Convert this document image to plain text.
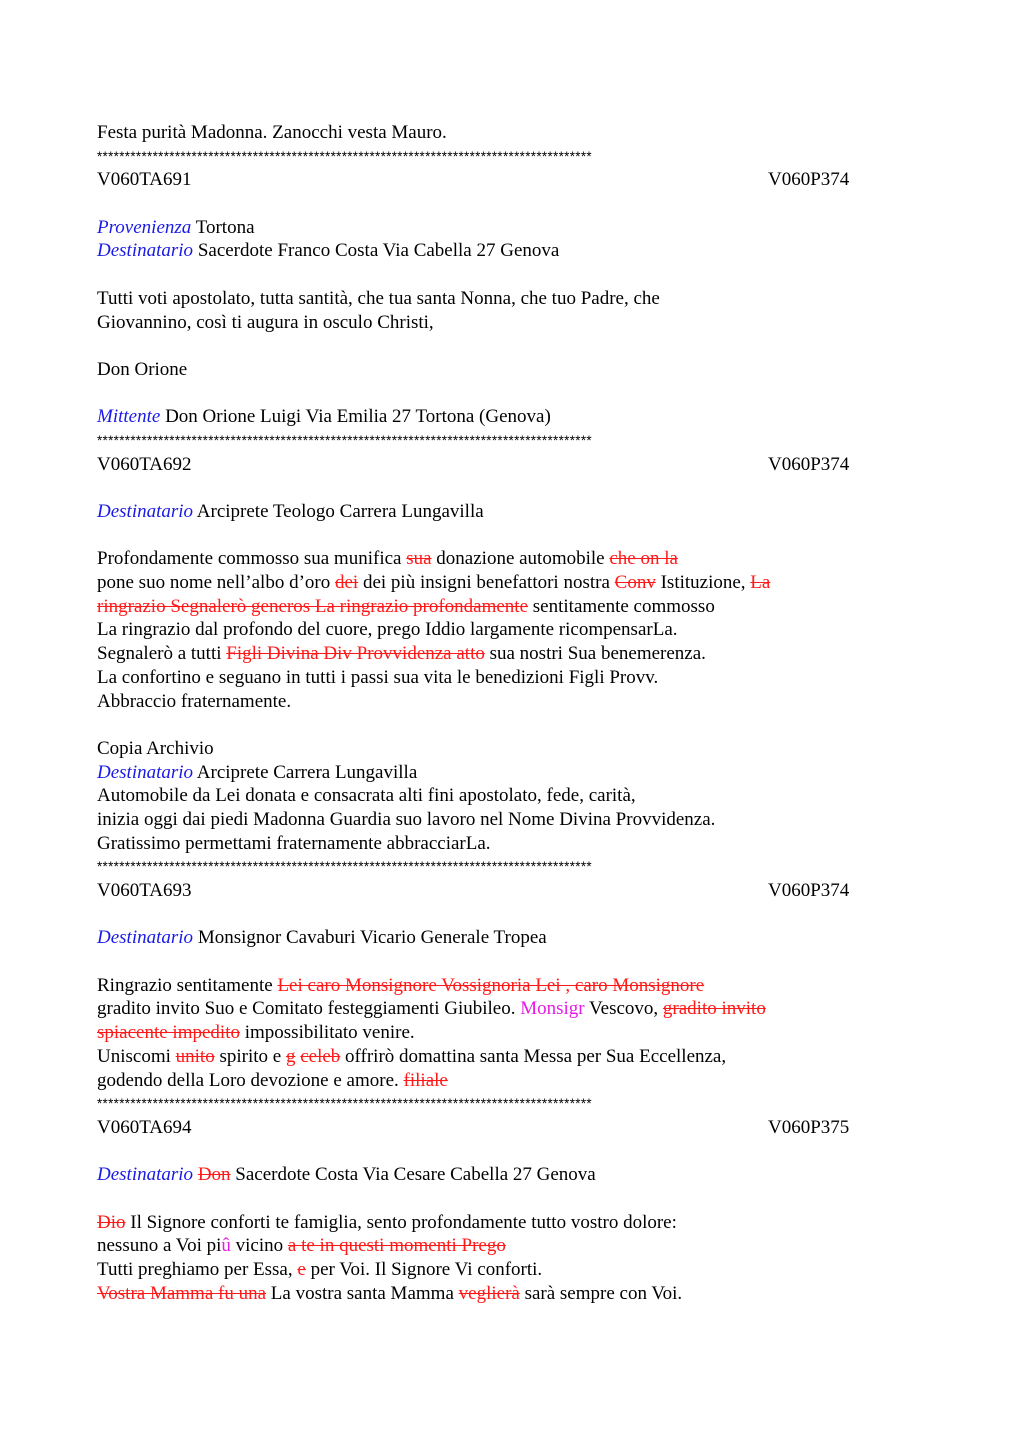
Festa purità Madonna. Zanocchi vesta Mauro.
*****************************************************************************************
V060TA691	V060P374
Provenienza Tortona
Destinatario Sacerdote Franco Costa Via Cabella 27 Genova
Tutti voti apostolato, tutta santità, che tua santa Nonna, che tuo Padre, che
Giovannino, così ti augura in osculo Christi,
Don Orione
Mittente Don Orione Luigi Via Emilia 27 Tortona (Genova)
*****************************************************************************************
V060TA692	V060P374
Destinatario Arciprete Teologo Carrera Lungavilla
Profondamente commosso sua munifica sua donazione automobile che on la
pone suo nome nell’albo d’oro dei dei più insigni benefattori nostra Conv Istituzione, La
ringrazio Segnalerò generos La ringrazio profondamente sentitamente commosso
La ringrazio dal profondo del cuore, prego Iddio largamente ricompensarLa.
Segnalerò a tutti Figli Divina Div Provvidenza atto sua nostri Sua benemerenza.
La confortino e seguano in tutti i passi sua vita le benedizioni Figli Provv.
Abbraccio fraternamente.
Copia Archivio
Destinatario Arciprete Carrera Lungavilla
Automobile da Lei donata e consacrata alti fini apostolato, fede, carità,
inizia oggi dai piedi Madonna Guardia suo lavoro nel Nome Divina Provvidenza.
Gratissimo permettami fraternamente abbracciarLa.
*****************************************************************************************
V060TA693	V060P374
Destinatario Monsignor Cavaburi Vicario Generale Tropea
Ringrazio sentitamente Lei caro Monsignore Vossignoria Lei , caro Monsignore
gradito invito Suo e Comitato festeggiamenti Giubileo. Monsigr Vescovo, gradito invito
spiacente impedito impossibilitato venire.
Uniscomi unito spirito e g celeb offrirò domattina santa Messa per Sua Eccellenza,
godendo della Loro devozione e amore. filiale
*****************************************************************************************
V060TA694	V060P375
Destinatario Don Sacerdote Costa Via Cesare Cabella 27 Genova
Dio Il Signore conforti te famiglia, sento profondamente tutto vostro dolore:
nessuno a Voi piû vicino a te in questi momenti Prego
Tutti preghiamo per Essa, e per Voi. Il Signore Vi conforti.
Vostra Mamma fu una La vostra santa Mamma veglierà sarà sempre con Voi.
